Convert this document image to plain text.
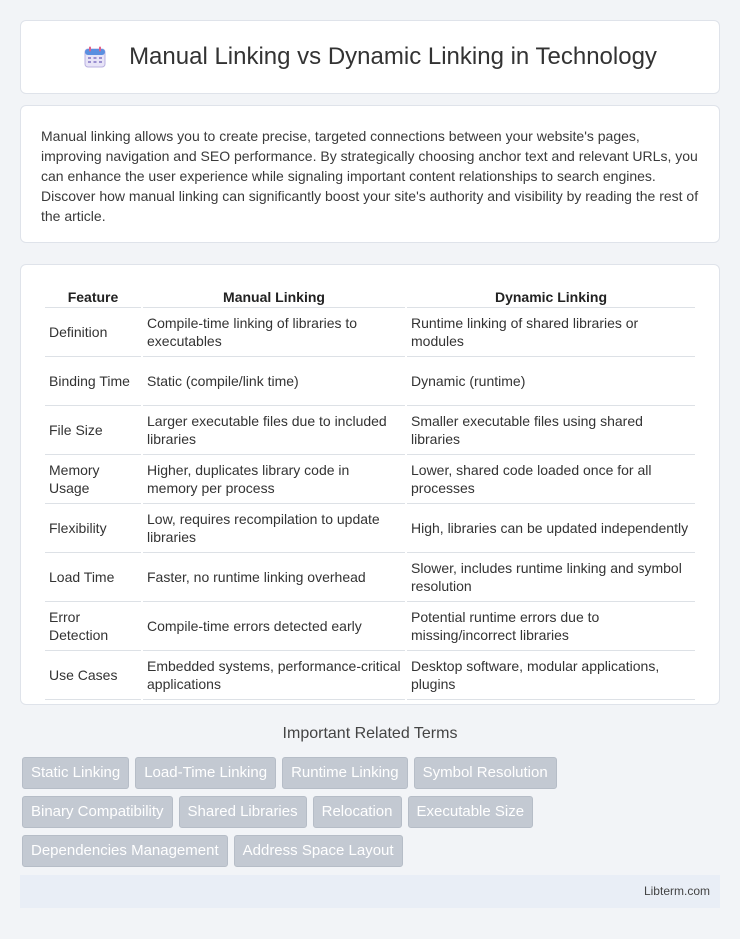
Manual Linking vs Dynamic Linking in Technology

Manual linking allows you to create precise, targeted connections between your website's pages, improving navigation and SEO performance. By strategically choosing anchor text and relevant URLs, you can enhance the user experience while signaling important content relationships to search engines. Discover how manual linking can significantly boost your site's authority and visibility by reading the rest of the article.

Feature	Manual Linking	Dynamic Linking
Definition	Compile-time linking of libraries to executables	Runtime linking of shared libraries or modules
Binding Time	Static (compile/link time)	Dynamic (runtime)
File Size	Larger executable files due to included libraries	Smaller executable files using shared libraries
Memory Usage	Higher, duplicates library code in memory per process	Lower, shared code loaded once for all processes
Flexibility	Low, requires recompilation to update libraries	High, libraries can be updated independently
Load Time	Faster, no runtime linking overhead	Slower, includes runtime linking and symbol resolution
Error Detection	Compile-time errors detected early	Potential runtime errors due to missing/incorrect libraries
Use Cases	Embedded systems, performance-critical applications	Desktop software, modular applications, plugins
Important Related Terms
Static Linking Load-Time Linking Runtime Linking Symbol Resolution
Binary Compatibility Shared Libraries Relocation Executable Size
Dependencies Management Address Space Layout
Libterm.com
